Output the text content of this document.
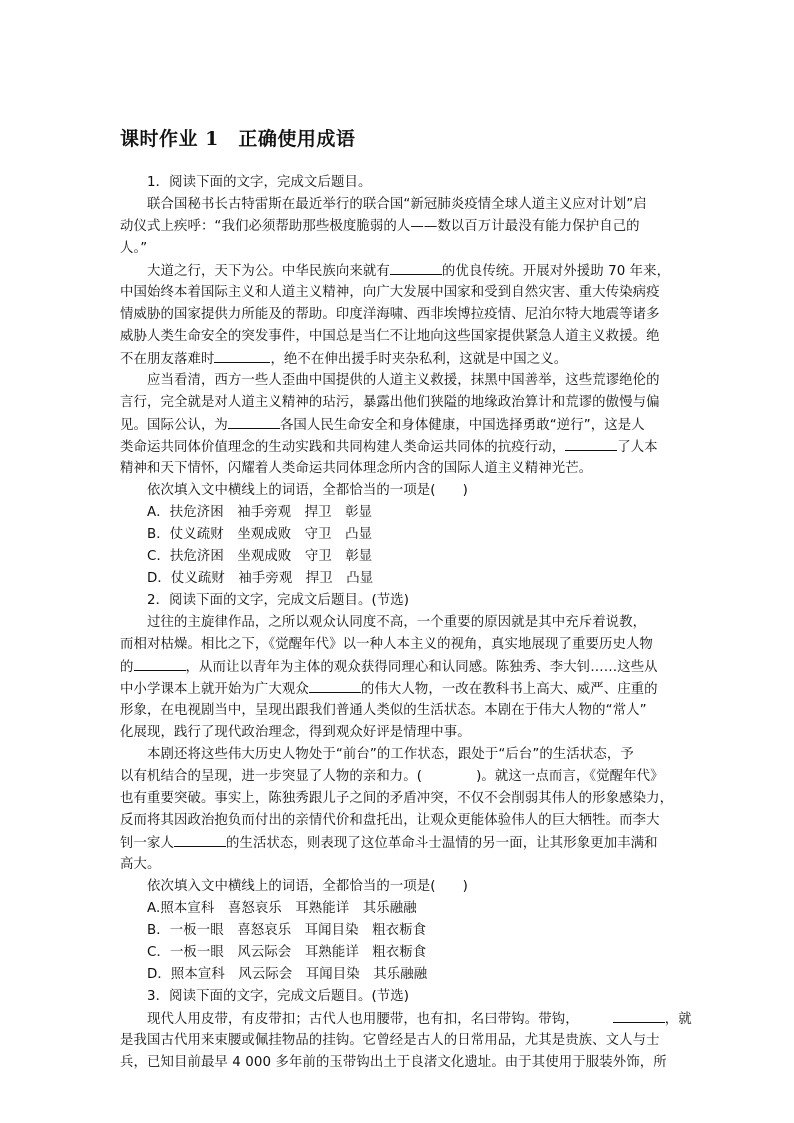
课时作业 1　正确使用成语
1．阅读下面的文字，完成文后题目。
联合国秘书长古特雷斯在最近举行的联合国“新冠肺炎疫情全球人道主义应对计划”启
动仪式上疾呼：“我们必须帮助那些极度脆弱的人——数以百万计最没有能力保护自己的
人。”
大道之行，天下为公。中华民族向来就有	的优良传统。开展对外援助 70 年来，
中国始终本着国际主义和人道主义精神，向广大发展中国家和受到自然灾害、重大传染病疫
情威胁的国家提供力所能及的帮助。印度洋海啸、西非埃博拉疫情、尼泊尔特大地震等诸多
威胁人类生命安全的突发事件，中国总是当仁不让地向这些国家提供紧急人道主义救援。绝
不在朋友落难时	，绝不在伸出援手时夹杂私利，这就是中国之义。
应当看清，西方一些人歪曲中国提供的人道主义救援，抹黑中国善举，这些荒谬绝伦的
言行，完全就是对人道主义精神的玷污，暴露出他们狭隘的地缘政治算计和荒谬的傲慢与偏
见。国际公认，为	各国人民生命安全和身体健康，中国选择勇敢“逆行”，这是人
类命运共同体价值理念的生动实践和共同构建人类命运共同体的抗疫行动，	了人本
精神和天下情怀，闪耀着人类命运共同体理念所内含的国际人道主义精神光芒。
依次填入文中横线上的词语，全都恰当的一项是(　　)
A．扶危济困　袖手旁观　捍卫　彰显
B．仗义疏财　坐观成败　守卫　凸显
C．扶危济困　坐观成败　守卫　彰显
D．仗义疏财　袖手旁观　捍卫　凸显
2．阅读下面的文字，完成文后题目。(节选)
过往的主旋律作品，之所以观众认同度不高，一个重要的原因就是其中充斥着说教，
而相对枯燥。相比之下，《觉醒年代》以一种人本主义的视角，真实地展现了重要历史人物
的	，从而让以青年为主体的观众获得同理心和认同感。陈独秀、李大钊……这些从
中小学课本上就开始为广大观众	的伟大人物，一改在教科书上高大、威严、庄重的
形象，在电视剧当中，呈现出跟我们普通人类似的生活状态。本剧在于伟大人物的“常人”
化展现，践行了现代政治理念，得到观众好评是情理中事。
本剧还将这些伟大历史人物处于“前台”的工作状态，跟处于“后台”的生活状态，予
以有机结合的呈现，进一步突显了人物的亲和力。(　　　　)。就这一点而言，《觉醒年代》
也有重要突破。事实上，陈独秀跟儿子之间的矛盾冲突，不仅不会削弱其伟人的形象感染力，
反而将其因政治抱负而付出的亲情代价和盘托出，让观众更能体验伟人的巨大牺牲。而李大
钊一家人	的生活状态，则表现了这位革命斗士温情的另一面，让其形象更加丰满和
高大。
依次填入文中横线上的词语，全都恰当的一项是(　　)
A.照本宣科　喜怒哀乐　耳熟能详　其乐融融
B．一板一眼　喜怒哀乐　耳闻目染　粗衣粝食
C．一板一眼　风云际会　耳熟能详　粗衣粝食
D．照本宣科　风云际会　耳闻目染　其乐融融
3．阅读下面的文字，完成文后题目。(节选)
现代人用皮带，有皮带扣；古代人也用腰带，也有扣，名曰带钩。带钩，	，就
是我国古代用来束腰或佩挂物品的挂钩。它曾经是古人的日常用品，尤其是贵族、文人与士
兵，已知目前最早 4 000 多年前的玉带钩出土于良渚文化遗址。由于其使用于服装外饰，所
